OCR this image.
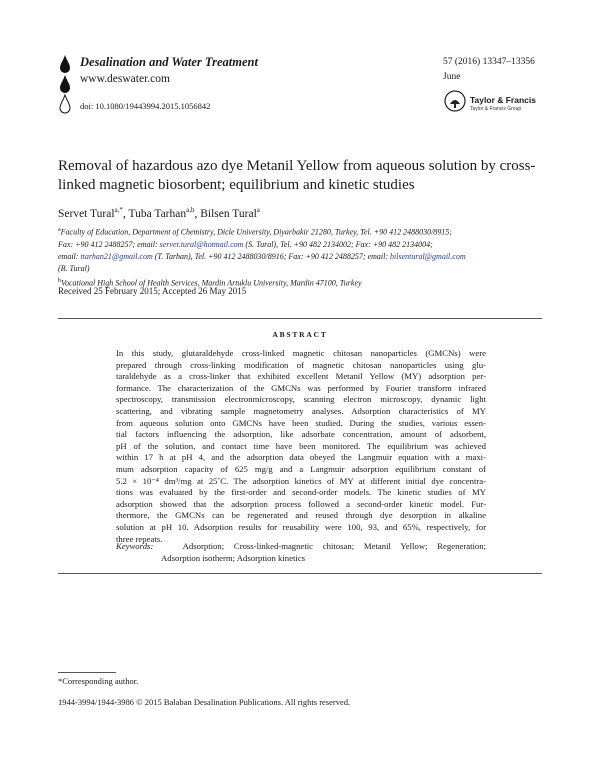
Desalination and Water Treatment
www.deswater.com
doi: 10.1080/19443994.2015.1056842
57 (2016) 13347–13356
June
Taylor & Francis
Taylor & Francis Group
Removal of hazardous azo dye Metanil Yellow from aqueous solution by cross-linked magnetic biosorbent; equilibrium and kinetic studies
Servet Tural$^{a,*}$, Tuba Tarhan$^{a,b}$, Bilsen Tural$^a$
$^a$Faculty of Education, Department of Chemistry, Dicle University, Diyarbakir 21280, Turkey, Tel. +90 412 2488030/8915;
Fax: +90 412 2488257; email: servet.tural@hotmail.com (S. Tural), Tel. +90 482 2134002; Fax: +90 482 2134004;
email: ttarhan21@gmail.com (T. Tarhan), Tel. +90 412 2488030/8916; Fax: +90 412 2488257; email: bilsentural@gmail.com
(B. Tural)
$^b$Vocational High School of Health Services, Mardin Artuklu University, Mardin 47100, Turkey
Received 25 February 2015; Accepted 26 May 2015
ABSTRACT
In this study, glutaraldehyde cross-linked magnetic chitosan nanoparticles (GMCNs) were
prepared through cross-linking modification of magnetic chitosan nanoparticles using glu-
taraldehyde as a cross-linker that exhibited excellent Metanil Yellow (MY) adsorption per-
formance. The characterization of the GMCNs was performed by Fourier transform infrared
spectroscopy, transmission electronmicroscopy, scanning electron microscopy, dynamic light
scattering, and vibrating sample magnetometry analyses. Adsorption characteristics of MY
from aqueous solution onto GMCNs have been studied. During the studies, various essen-
tial factors influencing the adsorption, like adsorbate concentration, amount of adsorbent,
pH of the solution, and contact time have been monitored. The equilibrium was achieved
within 17 h at pH 4, and the adsorption data obeyed the Langmuir equation with a maxi-
mum adsorption capacity of 625 mg/g and a Langmuir adsorption equilibrium constant of
5.2 × 10⁻⁴ dm³/mg at 25˚C. The adsorption kinetics of MY at different initial dye concentra-
tions was evaluated by the first-order and second-order models. The kinetic studies of MY
adsorption showed that the adsorption process followed a second-order kinetic model. Fur-
thermore, the GMCNs can be regenerated and reused through dye desorption in alkaline
solution at pH 10. Adsorption results for reusability were 100, 93, and 65%, respectively, for
three repeats.
Keywords:	Adsorption; Cross-linked-magnetic chitosan; Metanil Yellow; Regeneration;
Adsorption isotherm; Adsorption kinetics
*Corresponding author.
1944-3994/1944-3986 © 2015 Balaban Desalination Publications. All rights reserved.
